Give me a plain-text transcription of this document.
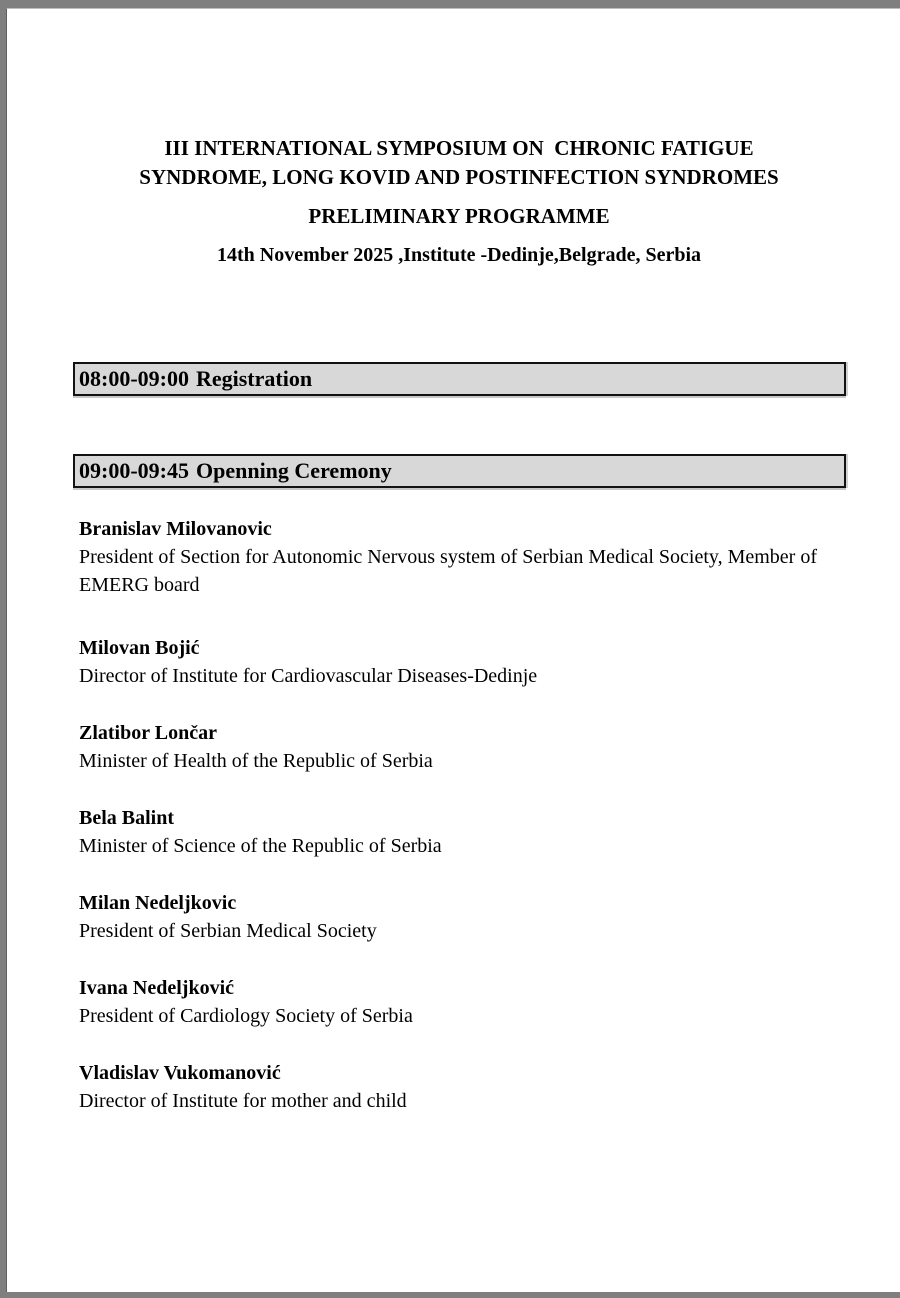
III INTERNATIONAL SYMPOSIUM ON  CHRONIC FATIGUE
SYNDROME, LONG KOVID AND POSTINFECTION SYNDROMES
PRELIMINARY PROGRAMME
14th November 2025 ,Institute -Dedinje,Belgrade, Serbia
08:00-09:00 Registration
09:00-09:45 Openning Ceremony
Branislav Milovanovic
President of Section for Autonomic Nervous system of Serbian Medical Society, Member of EMERG board
Milovan Bojić
Director of Institute for Cardiovascular Diseases-Dedinje
Zlatibor Lončar
Minister of Health of the Republic of Serbia
Bela Balint
Minister of Science of the Republic of Serbia
Milan Nedeljkovic
President of Serbian Medical Society
Ivana Nedeljković
President of Cardiology Society of Serbia
Vladislav Vukomanović
Director of Institute for mother and child
